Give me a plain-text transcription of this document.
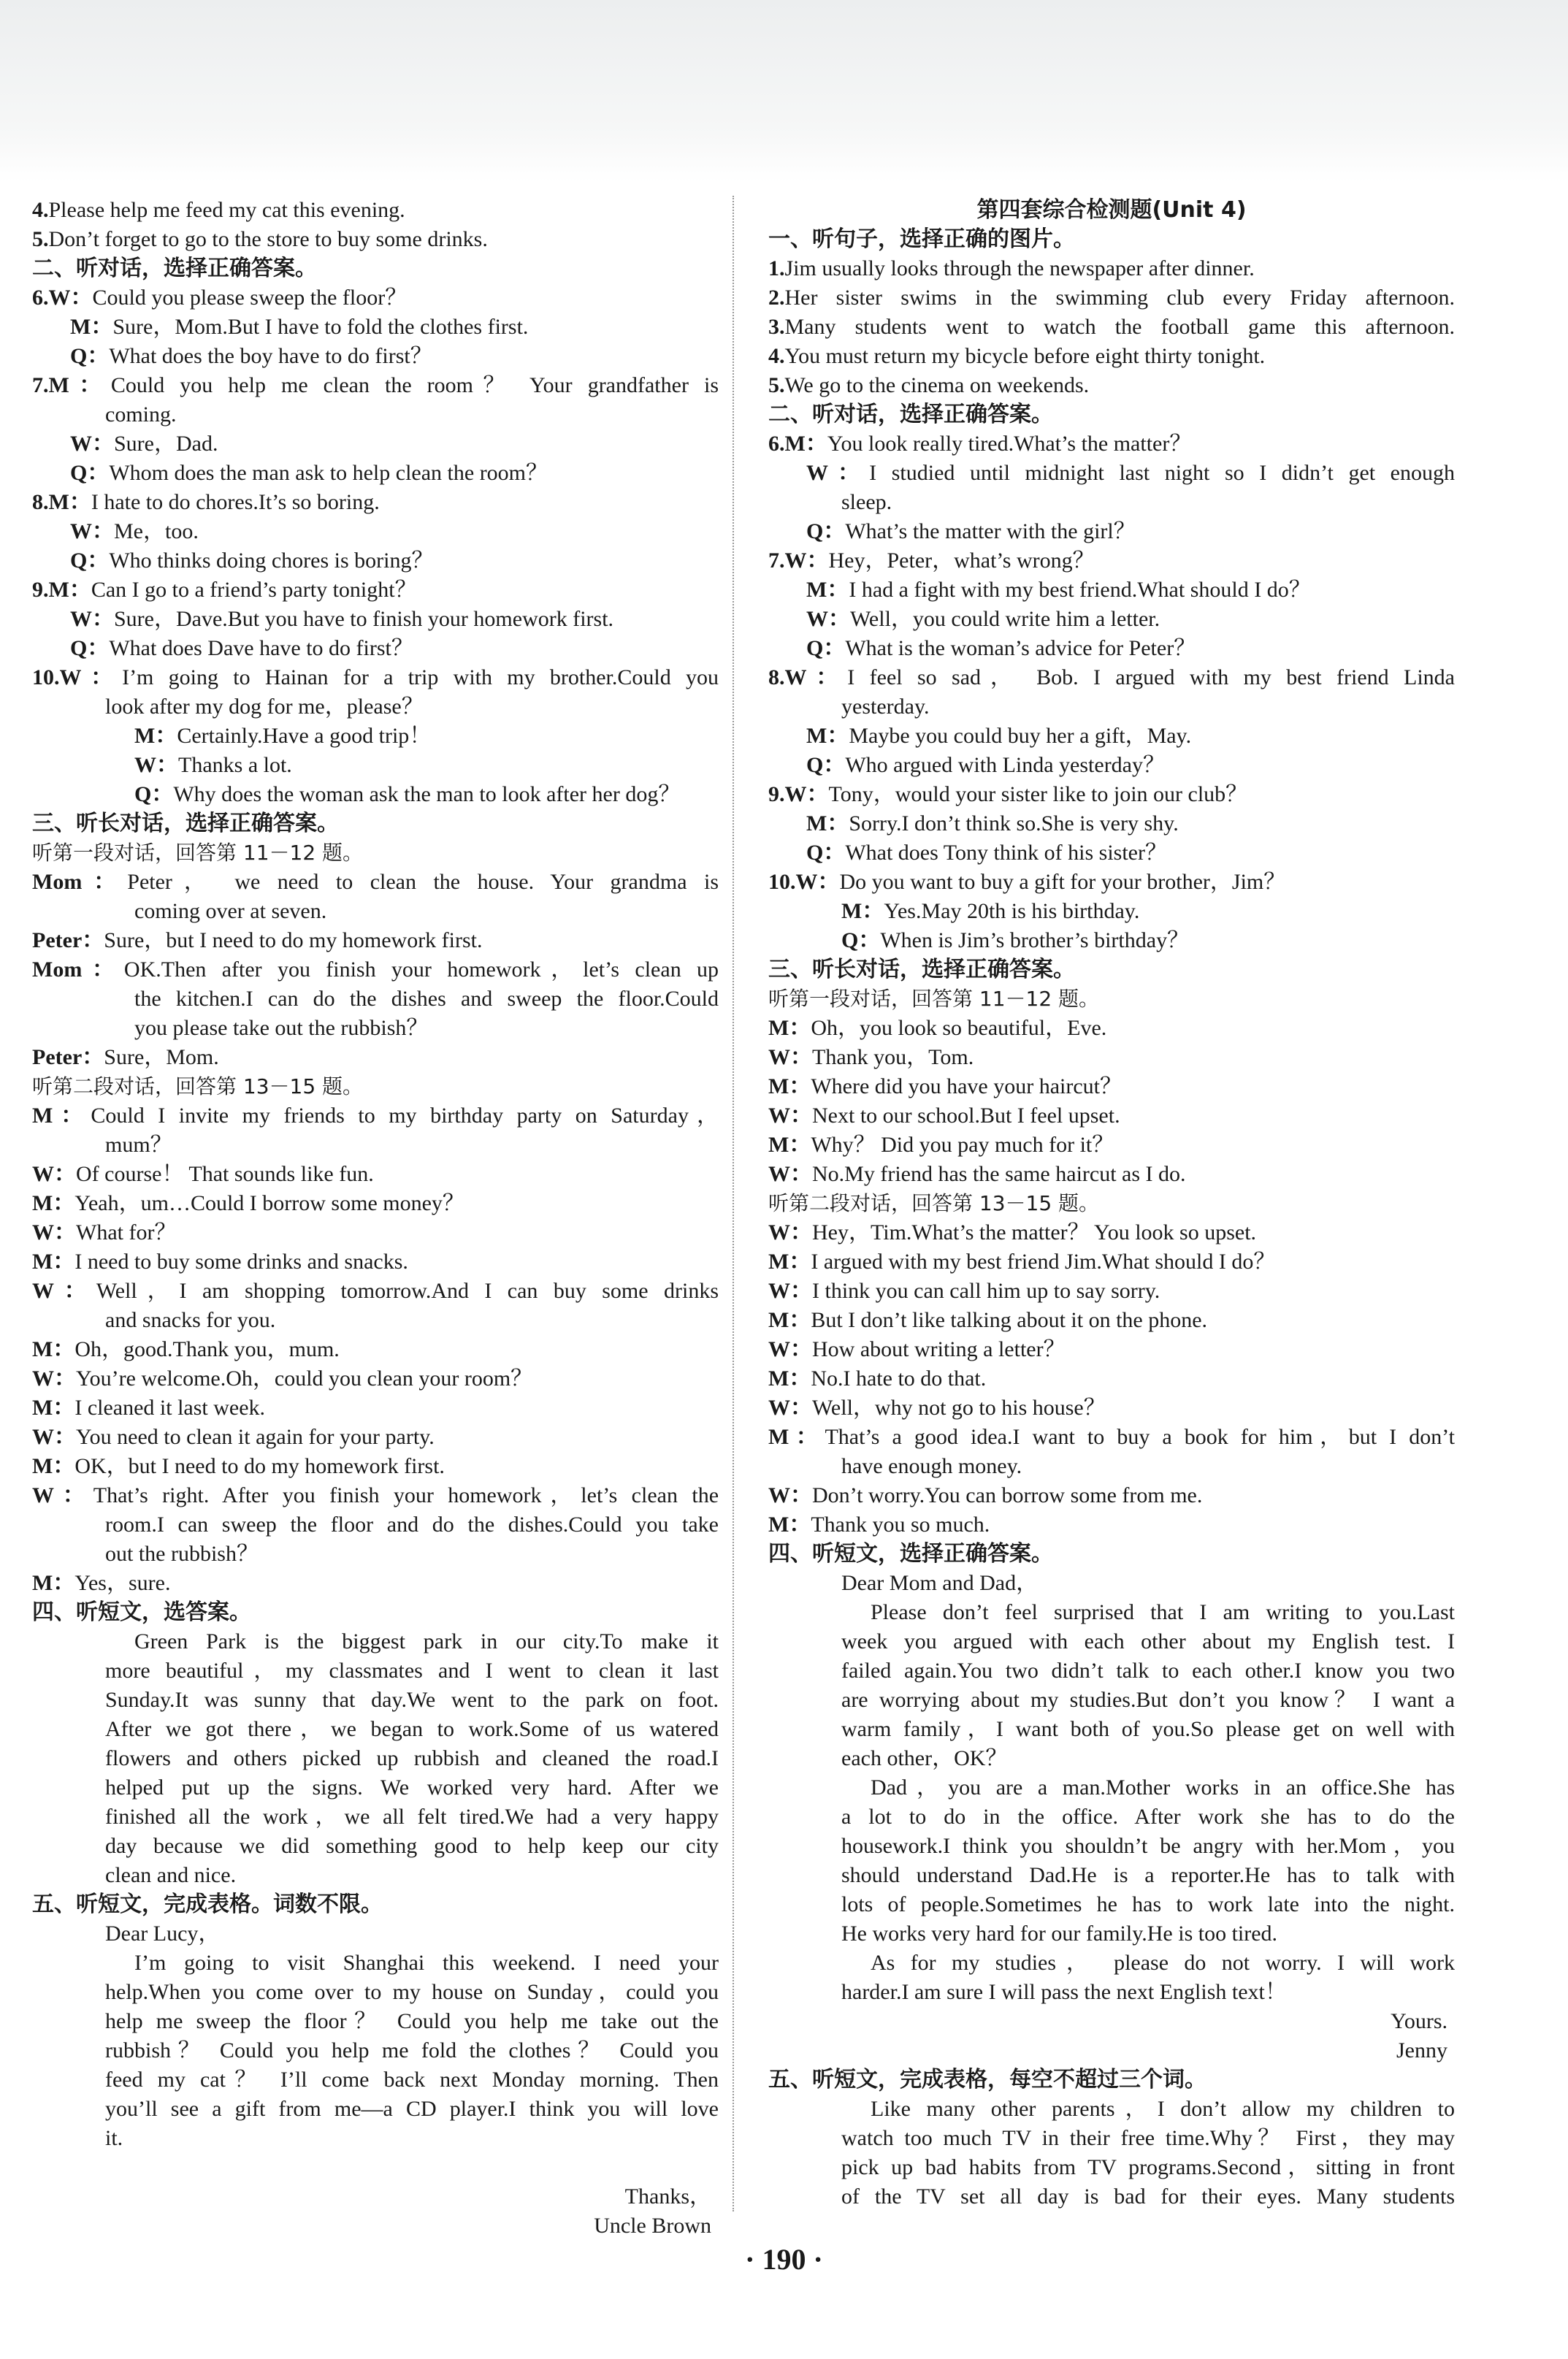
4.Please help me feed my cat this evening.
5.Don’t forget to go to the store to buy some drinks.
二、听对话，选择正确答案。
6.W：Could you please sweep the floor？
M：Sure，Mom.But I have to fold the clothes first.
Q：What does the boy have to do first？
7.M：Could you help me clean the room？ Your grandfather is
coming.
W：Sure，Dad.
Q：Whom does the man ask to help clean the room？
8.M：I hate to do chores.It’s so boring.
W：Me，too.
Q：Who thinks doing chores is boring？
9.M：Can I go to a friend’s party tonight？
W：Sure，Dave.But you have to finish your homework first.
Q：What does Dave have to do first？
10.W：I’m going to Hainan for a trip with my brother.Could you
look after my dog for me，please？
M：Certainly.Have a good trip！
W：Thanks a lot.
Q：Why does the woman ask the man to look after her dog？
三、听长对话，选择正确答案。
听第一段对话，回答第 11－12 题。
Mom：Peter， we need to clean the house. Your grandma is
coming over at seven.
Peter：Sure，but I need to do my homework first.
Mom：OK.Then after you finish your homework，let’s clean up
the kitchen.I can do the dishes and sweep the floor.Could
you please take out the rubbish？
Peter：Sure，Mom.
听第二段对话，回答第 13－15 题。
M：Could I invite my friends to my birthday party on Saturday，
mum？
W：Of course！ That sounds like fun.
M：Yeah，um…Could I borrow some money？
W：What for？
M：I need to buy some drinks and snacks.
W：Well，I am shopping tomorrow.And I can buy some drinks
and snacks for you.
M：Oh，good.Thank you，mum.
W：You’re welcome.Oh，could you clean your room？
M：I cleaned it last week.
W：You need to clean it again for your party.
M：OK，but I need to do my homework first.
W：That’s right. After you finish your homework，let’s clean the
room.I can sweep the floor and do the dishes.Could you take
out the rubbish？
M：Yes，sure.
四、听短文，选答案。
Green Park is the biggest park in our city.To make it
more beautiful，my classmates and I went to clean it last
Sunday.It was sunny that day.We went to the park on foot.
After we got there，we began to work.Some of us watered
flowers and others picked up rubbish and cleaned the road.I
helped put up the signs. We worked very hard. After we
finished all the work，we all felt tired.We had a very happy
day because we did something good to help keep our city
clean and nice.
五、听短文，完成表格。词数不限。
Dear Lucy，
I’m going to visit Shanghai this weekend. I need your
help.When you come over to my house on Sunday，could you
help me sweep the floor？ Could you help me take out the
rubbish？ Could you help me fold the clothes？ Could you
feed my cat？ I’ll come back next Monday morning. Then
you’ll see a gift from me—a CD player.I think you will love
it.
Thanks，
Uncle Brown
第四套综合检测题(Unit 4)
一、听句子，选择正确的图片。
1.Jim usually looks through the newspaper after dinner.
2.Her sister swims in the swimming club every Friday afternoon.
3.Many students went to watch the football game this afternoon.
4.You must return my bicycle before eight thirty tonight.
5.We go to the cinema on weekends.
二、听对话，选择正确答案。
6.M：You look really tired.What’s the matter？
W：I studied until midnight last night so I didn’t get enough
sleep.
Q：What’s the matter with the girl？
7.W：Hey，Peter，what’s wrong？
M：I had a fight with my best friend.What should I do？
W：Well，you could write him a letter.
Q：What is the woman’s advice for Peter？
8.W：I feel so sad， Bob. I argued with my best friend Linda
yesterday.
M：Maybe you could buy her a gift，May.
Q：Who argued with Linda yesterday？
9.W：Tony，would your sister like to join our club？
M：Sorry.I don’t think so.She is very shy.
Q：What does Tony think of his sister？
10.W：Do you want to buy a gift for your brother，Jim？
M：Yes.May 20th is his birthday.
Q：When is Jim’s brother’s birthday？
三、听长对话，选择正确答案。
听第一段对话，回答第 11－12 题。
M：Oh，you look so beautiful，Eve.
W：Thank you，Tom.
M：Where did you have your haircut？
W：Next to our school.But I feel upset.
M：Why？ Did you pay much for it？
W：No.My friend has the same haircut as I do.
听第二段对话，回答第 13－15 题。
W：Hey，Tim.What’s the matter？ You look so upset.
M：I argued with my best friend Jim.What should I do？
W：I think you can call him up to say sorry.
M：But I don’t like talking about it on the phone.
W：How about writing a letter？
M：No.I hate to do that.
W：Well，why not go to his house？
M：That’s a good idea.I want to buy a book for him，but I don’t
have enough money.
W：Don’t worry.You can borrow some from me.
M：Thank you so much.
四、听短文，选择正确答案。
Dear Mom and Dad，
Please don’t feel surprised that I am writing to you.Last
week you argued with each other about my English test. I
failed again.You two didn’t talk to each other.I know you two
are worrying about my studies.But don’t you know？ I want a
warm family，I want both of you.So please get on well with
each other，OK？
Dad，you are a man.Mother works in an office.She has
a lot to do in the office. After work she has to do the
housework.I think you shouldn’t be angry with her.Mom，you
should understand Dad.He is a reporter.He has to talk with
lots of people.Sometimes he has to work late into the night.
He works very hard for our family.He is too tired.
As for my studies， please do not worry. I will work
harder.I am sure I will pass the next English text！
Yours.
Jenny
五、听短文，完成表格，每空不超过三个词。
Like many other parents，I don’t allow my children to
watch too much TV in their free time.Why？ First，they may
pick up bad habits from TV programs.Second，sitting in front
of the TV set all day is bad for their eyes. Many students
· 190 ·
